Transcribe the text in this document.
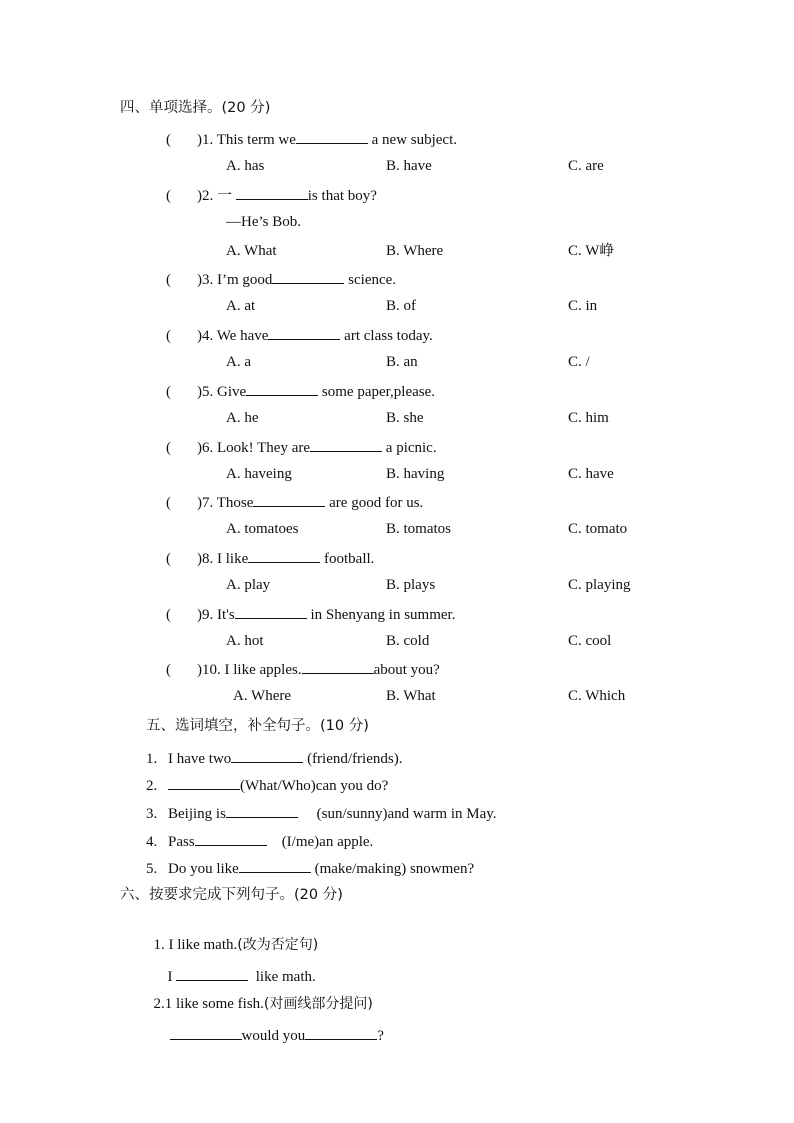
四、单项选择。(20 分)
( )1. This term we	a new subject.
A. has	B. have	C. are
( )2. 一	is that boy?
—He’s Bob.
A. What	B. Where	C. W峥
( )3. I’m good	science.
A. at	B. of	C. in
( )4. We have	art class today.
A. a	B. an	C. /
( )5. Give	some paper,please.
A. he	B. she	C. him
( )6. Look! They are	a picnic.
A. haveing	B. having	C. have
( )7. Those	are good for us.
A. tomatoes	B. tomatos	C. tomato
( )8. I like	football.
A. play	B. plays	C. playing
( )9. It's	in Shenyang in summer.
A. hot	B. cold	C. cool
( )10. I like apples.	about you?
A. Where	B. What	C. Which
五、选词填空，补全句子。(10 分)
1. I have two	(friend/friends).
2.	(What/Who)can you do?
3. Beijing is	(sun/sunny)and warm in May.
4. Pass	(I/me)an apple.
5. Do you like	(make/making) snowmen?
六、按要求完成下列句子。(20 分)

1. I like math.(改为否定句)

I	like math.

2.1 like some fish.(对画线部分提问)

would you	?
